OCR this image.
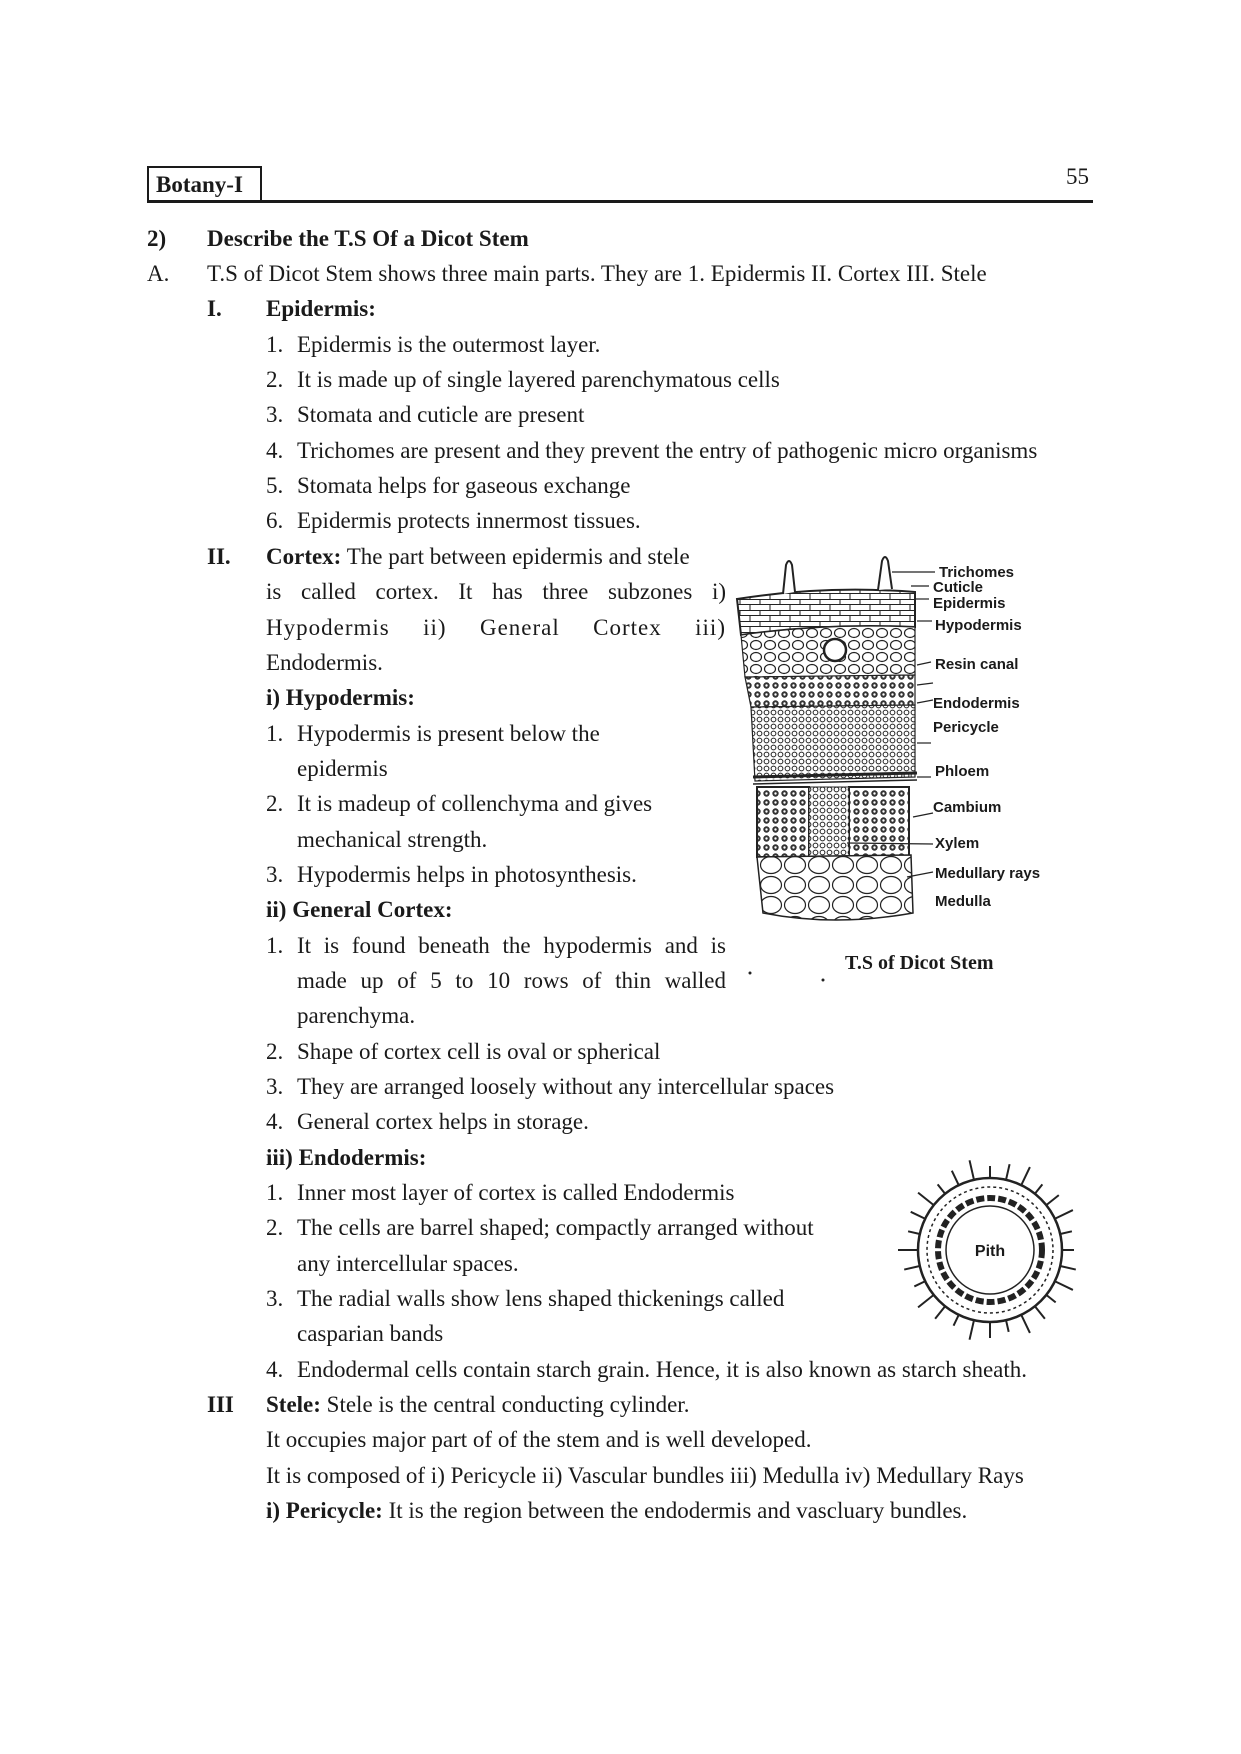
Botany-I	55
2) Describe the T.S Of a Dicot Stem
A. T.S of Dicot Stem shows three main parts. They are 1. Epidermis II. Cortex III. Stele
I. Epidermis:
1. Epidermis is the outermost layer.
2. It is made up of single layered parenchymatous cells
3. Stomata and cuticle are present
4. Trichomes are present and they prevent the entry of pathogenic micro organisms
5. Stomata helps for gaseous exchange
6. Epidermis protects innermost tissues.
II. Cortex: The part between epidermis and stele
is called cortex. It has three subzones i)
Hypodermis ii) General Cortex iii)
Endodermis.
i) Hypodermis:
1. Hypodermis is present below the
epidermis
2. It is madeup of collenchyma and gives
mechanical strength.
3. Hypodermis helps in photosynthesis.
ii) General Cortex:
1. It is found beneath the hypodermis and is
made up of 5 to 10 rows of thin walled
parenchyma.
2. Shape of cortex cell is oval or spherical
3. They are arranged loosely without any intercellular spaces
4. General cortex helps in storage.
iii) Endodermis:
1. Inner most layer of cortex is called Endodermis
2. The cells are barrel shaped; compactly arranged without
any intercellular spaces.
3. The radial walls show lens shaped thickenings called
casparian bands
4. Endodermal cells contain starch grain. Hence, it is also known as starch sheath.
III Stele: Stele is the central conducting cylinder.
It occupies major part of of the stem and is well developed.
It is composed of i) Pericycle ii) Vascular bundles iii) Medulla iv) Medullary Rays
i) Pericycle: It is the region between the endodermis and vascluary bundles.
Trichomes
Cuticle
Epidermis
Hypodermis
Resin canal
Endodermis
Pericycle
Phloem
Cambium
Xylem
Medullary rays
Medulla
T.S of Dicot Stem
Pith
